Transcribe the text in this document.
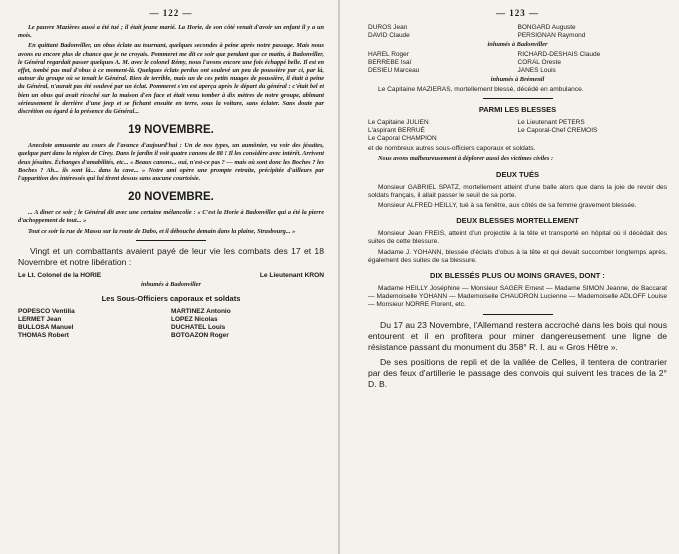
— 122 —

Le pauvre Mazières aussi a été tué ; il était jeune marié. La Horie, de son côté venait d'avoir un enfant il y a un mois.

En quittant Badonviller, un obus éclate au tournant, quelques secondes à peine après notre passage. Mais nous avons eu encore plus de chance que je ne croyais. Pommeret me dit ce soir que pendant que ce matin, à Badonviller, le Général regardait passer quelques A. M. avec le colonel Rémy, nous l'avons encore une fois échappé belle. Il est en effet, tombé pas mal d'obus à ce moment-là. Quelques éclats perdus ont soulevé un peu de poussière par ci, par là, autour du groupe où se tenait le Général. Rien de terrible, mais un de ces petits nuages de poussière, il était à peine du Général, n'aurait pas été soulevé par un éclat. Pommeret s'en est aperçu après le départ du général : c'était bel et bien un obus qui avait ricoché sur la maison d'en face et était venu tomber à dix mètres de notre groupe, abîmant sérieusement le derrière d'une jeep et se fichant ensuite en terre, sous la voiture, sans éclater. Sans doute par discrétion ou égard à la présence du Général...

19 NOVEMBRE.

Anecdote amusante au cours de l'avance d'aujourd'hui : Un de nos types, un aumônier, vu voir des jésuites, quelque part dans la région de Cirey. Dans le jardin il voit quatre canons de 88 ! Il les considère avec intérêt. Arrivent deux jésuites. Échanges d'amabilités, etc... « Beaux canons... oui, n'est-ce pas ? — mais où sont donc les Boches ? les Boches ? Ah... ils sont là... dans la cave... » Notre ami opère une prompte retraite, précipitée d'ailleurs par l'apparition des intéressés qui lui tirent dessus sans aucune courtoisie.

20 NOVEMBRE.

... A dîner ce soir ; le Général dit avec une certaine mélancolie : « C'est la Horie à Badonviller qui a été la pierre d'achoppement de tout... »

Tout ce soir la rue de Massu sur la route de Dabo, et il débouche demain dans la plaine, Strasbourg... »

Vingt et un combattants avaient payé de leur vie les combats des 17 et 18 Novembre et notre libération :

Le Lt. Colonel de la HORIE	Le Lieutenant KRON
inhumés à Badonviller
Les Sous-Officiers caporaux et soldats
POPESCO Ventilia	MARTINEZ Antonio
LERMET Jean	LOPEZ Nicolas
BULLOSA Manuel	DUCHATEL Louis
THOMAS Robert	BOTGAZON Roger
— 123 —
DUROS Jean	BONGARD Auguste
DAVID Claude	PERSIGNAN Raymond
inhumés à Badonviller
HAREL Roger	RICHARD-DESHAIS Claude
BERREBE Isaï	CORAL Oreste
DESIEU Marceau	JANES Louis
inhumés à Brémenil

Le Capitaine MAZIERAS, mortellement blessé, décédé en ambulance.

PARMI LES BLESSES
Le Capitaine JULIEN	Le Lieutenant PETERS
L'aspirant BERRUÉ	Le Caporal-Chef CREMOIS
Le Caporal CHAMPION

et de nombreux autres sous-officiers caporaux et soldats.

Nous avons malheureusement à déplorer aussi des victimes civiles :

DEUX TUÉS

Monsieur GABRIEL SPATZ, mortellement atteint d'une balle alors que dans la joie de revoir des soldats français, il allait passer le seuil de sa porte.

Monsieur ALFRED HEILLY, tué à sa fenêtre, aux côtés de sa femme gravement blessée.

DEUX BLESSES MORTELLEMENT

Monsieur Jean FREIS, atteint d'un projectile à la tête et transporté en hôpital où il décédait des suites de cette blessure.

Madame J. YOHANN, blessée d'éclats d'obus à la tête et qui devait succomber longtemps après, également des suites de sa blessure.

DIX BLESSÉS PLUS OU MOINS GRAVES, DONT :

Madame HEILLY Joséphine — Monsieur SAGER Ernest — Madame SIMON Jeanne, de Baccarat — Mademoiselle YOHANN — Mademoiselle CHAUDRON Lucienne — Mademoiselle ADLOFF Louise — Monsieur NORRE Florent, etc.

Du 17 au 23 Novembre, l'Allemand restera accroché dans les bois qui nous entourent et il en profitera pour miner dangereusement une ligne de résistance passant du monument du 358° R. I. au « Gros Hêtre ».

De ses positions de repli et de la vallée de Celles, il tentera de contrarier par des feux d'artillerie le passage des convois qui suivent les traces de la 2° D. B.
